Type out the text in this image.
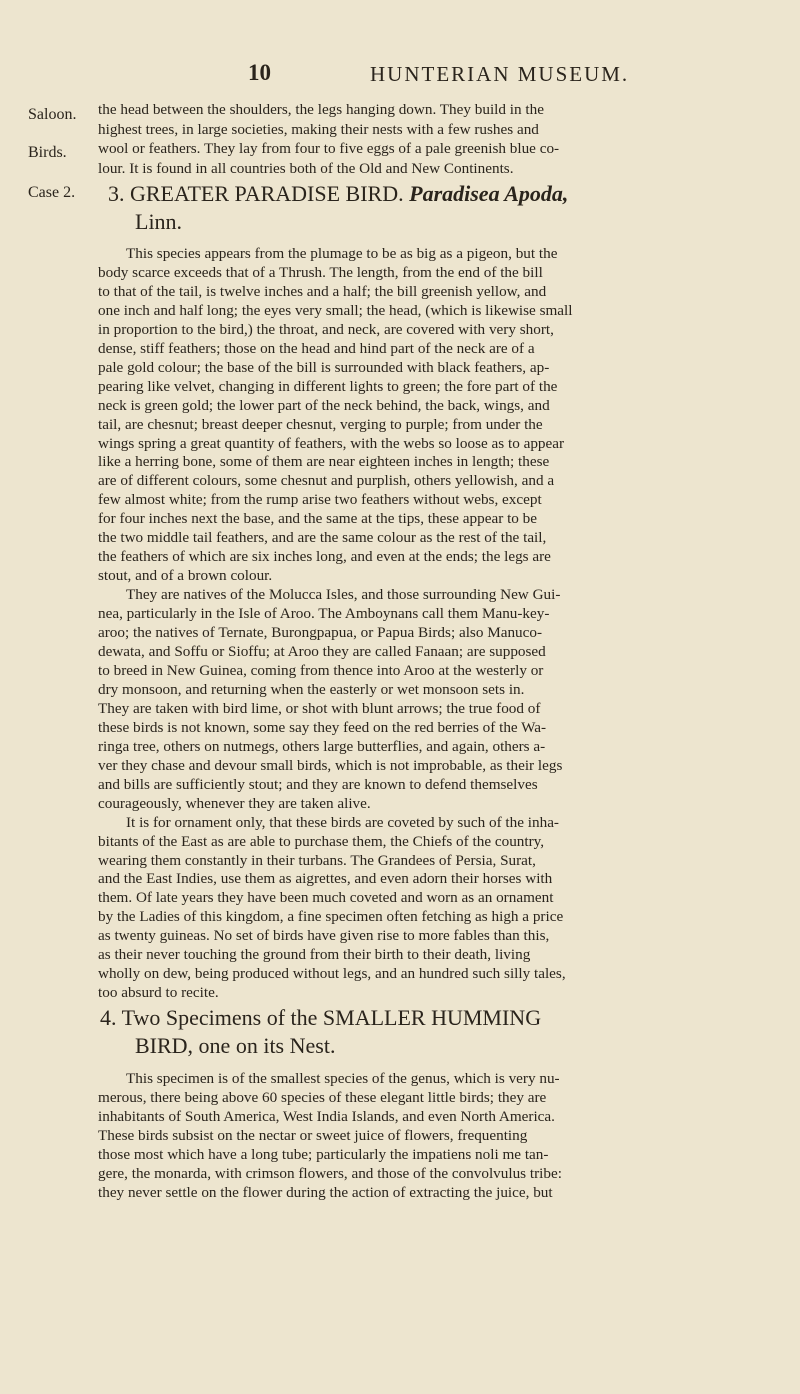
10	HUNTERIAN MUSEUM.
Saloon.
Birds.
Case 2.
the head between the shoulders, the legs hanging down. They build in the
highest trees, in large societies, making their nests with a few rushes and
wool or feathers. They lay from four to five eggs of a pale greenish blue co-
lour. It is found in all countries both of the Old and New Continents.
3. GREATER PARADISE BIRD. Paradisea Apoda,
Linn.
This species appears from the plumage to be as big as a pigeon, but the
body scarce exceeds that of a Thrush. The length, from the end of the bill
to that of the tail, is twelve inches and a half; the bill greenish yellow, and
one inch and half long; the eyes very small; the head, (which is likewise small
in proportion to the bird,) the throat, and neck, are covered with very short,
dense, stiff feathers; those on the head and hind part of the neck are of a
pale gold colour; the base of the bill is surrounded with black feathers, ap-
pearing like velvet, changing in different lights to green; the fore part of the
neck is green gold; the lower part of the neck behind, the back, wings, and
tail, are chesnut; breast deeper chesnut, verging to purple; from under the
wings spring a great quantity of feathers, with the webs so loose as to appear
like a herring bone, some of them are near eighteen inches in length; these
are of different colours, some chesnut and purplish, others yellowish, and a
few almost white; from the rump arise two feathers without webs, except
for four inches next the base, and the same at the tips, these appear to be
the two middle tail feathers, and are the same colour as the rest of the tail,
the feathers of which are six inches long, and even at the ends; the legs are
stout, and of a brown colour.
They are natives of the Molucca Isles, and those surrounding New Gui-
nea, particularly in the Isle of Aroo. The Amboynans call them Manu-key-
aroo; the natives of Ternate, Burongpapua, or Papua Birds; also Manuco-
dewata, and Soffu or Sioffu; at Aroo they are called Fanaan; are supposed
to breed in New Guinea, coming from thence into Aroo at the westerly or
dry monsoon, and returning when the easterly or wet monsoon sets in.
They are taken with bird lime, or shot with blunt arrows; the true food of
these birds is not known, some say they feed on the red berries of the Wa-
ringa tree, others on nutmegs, others large butterflies, and again, others a-
ver they chase and devour small birds, which is not improbable, as their legs
and bills are sufficiently stout; and they are known to defend themselves
courageously, whenever they are taken alive.
It is for ornament only, that these birds are coveted by such of the inha-
bitants of the East as are able to purchase them, the Chiefs of the country,
wearing them constantly in their turbans. The Grandees of Persia, Surat,
and the East Indies, use them as aigrettes, and even adorn their horses with
them. Of late years they have been much coveted and worn as an ornament
by the Ladies of this kingdom, a fine specimen often fetching as high a price
as twenty guineas. No set of birds have given rise to more fables than this,
as their never touching the ground from their birth to their death, living
wholly on dew, being produced without legs, and an hundred such silly tales,
too absurd to recite.
4. Two Specimens of the SMALLER HUMMING
BIRD, one on its Nest.
This specimen is of the smallest species of the genus, which is very nu-
merous, there being above 60 species of these elegant little birds; they are
inhabitants of South America, West India Islands, and even North America.
These birds subsist on the nectar or sweet juice of flowers, frequenting
those most which have a long tube; particularly the impatiens noli me tan-
gere, the monarda, with crimson flowers, and those of the convolvulus tribe:
they never settle on the flower during the action of extracting the juice, but
